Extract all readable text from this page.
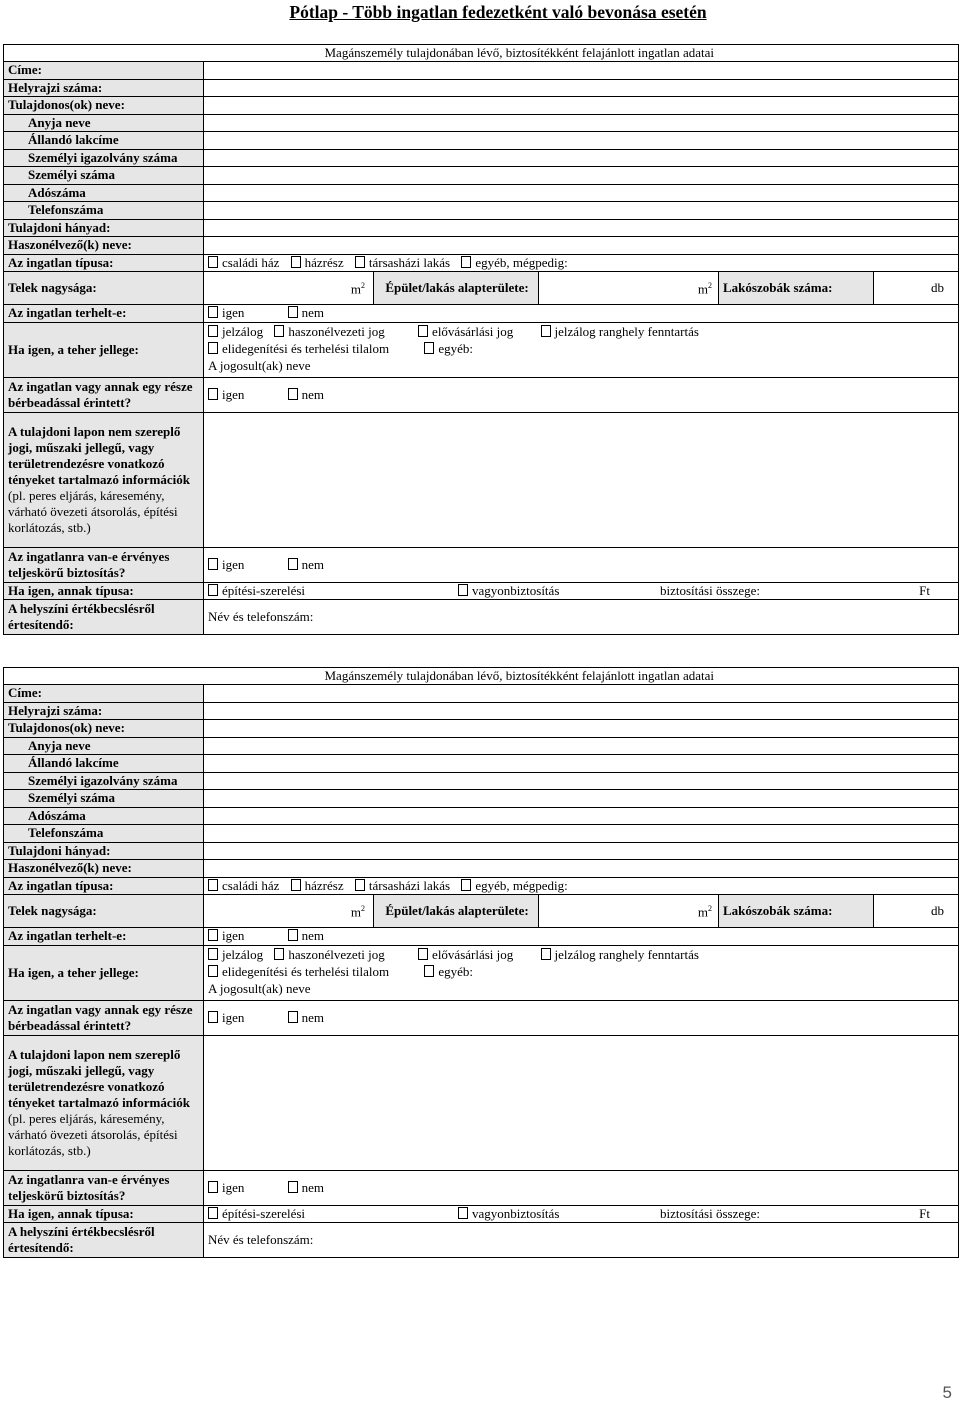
Pótlap - Több ingatlan fedezetként való bevonása esetén
Magánszemély tulajdonában lévő, biztosítékként felajánlott ingatlan adatai				
Címe:				
Helyrajzi száma:				
Tulajdonos(ok) neve:				
Anyja neve				
Állandó lakcíme				
Személyi igazolvány száma				
Személyi száma				
Adószáma				
Telefonszáma				
Tulajdoni hányad:				
Haszonélvező(k) neve:				
Az ingatlan típusa:	családi ház házrész társasházi lakás egyéb, mégpedig:			
Telek nagysága:	$m^2$	Épület/lakás alapterülete:	$m^2$	Lakószobák száma: db

Az ingatlan terhelt-e:	igen nem			
Ha igen, a teher jellege:	jelzálog haszonélvezeti jog elővásárlási jog jelzálog ranghely fenntartás
elidegenítési és terhelési tilalom egyéb:
A jogosult(ak) neve			

Az ingatlan vagy annak egy része bérbeadással érintett?	igen nem			
A tulajdoni lapon nem szereplő jogi, műszaki jellegű, vagy területrendezésre vonatkozó tényeket tartalmazó információk (pl. peres eljárás, káresemény, várható övezeti átsorolás, építési korlátozás, stb.)				
Az ingatlanra van-e érvényes teljeskörű biztosítás?	igen nem			
Ha igen, annak típusa:	építési-szerelési vagyonbiztosítás biztosítási összege: Ft			

A helyszíni értékbecslésről értesítendő:	Név és telefonszám:			
Magánszemély tulajdonában lévő, biztosítékként felajánlott ingatlan adatai				
Címe:				
Helyrajzi száma:				
Tulajdonos(ok) neve:				
Anyja neve				
Állandó lakcíme				
Személyi igazolvány száma				
Személyi száma				
Adószáma				
Telefonszáma				
Tulajdoni hányad:				
Haszonélvező(k) neve:				
Az ingatlan típusa:	családi ház házrész társasházi lakás egyéb, mégpedig:			
Telek nagysága:	$m^2$	Épület/lakás alapterülete:	$m^2$	Lakószobák száma: db

Az ingatlan terhelt-e:	igen nem			
Ha igen, a teher jellege:	jelzálog haszonélvezeti jog elővásárlási jog jelzálog ranghely fenntartás
elidegenítési és terhelési tilalom egyéb:
A jogosult(ak) neve			

Az ingatlan vagy annak egy része bérbeadással érintett?	igen nem			
A tulajdoni lapon nem szereplő jogi, műszaki jellegű, vagy területrendezésre vonatkozó tényeket tartalmazó információk (pl. peres eljárás, káresemény, várható övezeti átsorolás, építési korlátozás, stb.)				
Az ingatlanra van-e érvényes teljeskörű biztosítás?	igen nem			
Ha igen, annak típusa:	építési-szerelési vagyonbiztosítás biztosítási összege: Ft			

A helyszíni értékbecslésről értesítendő:	Név és telefonszám:			
5
